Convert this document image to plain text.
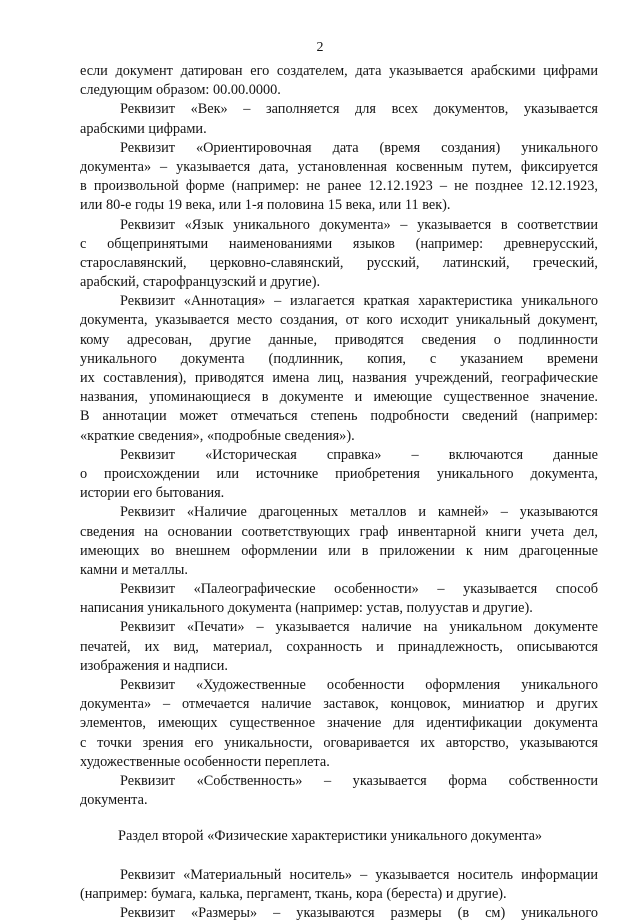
2
если документ датирован его создателем, дата указывается арабскими цифрами
следующим образом: 00.00.0000.
Реквизит «Век» – заполняется для всех документов, указывается
арабскими цифрами.
Реквизит «Ориентировочная дата (время создания) уникального
документа» – указывается дата, установленная косвенным путем, фиксируется
в произвольной форме (например: не ранее 12.12.1923 – не позднее 12.12.1923,
или 80-е годы 19 века, или 1-я половина 15 века, или 11 век).
Реквизит «Язык уникального документа» – указывается в соответствии
с общепринятыми наименованиями языков (например: древнерусский,
старославянский, церковно-славянский, русский, латинский, греческий,
арабский, старофранцузский и другие).
Реквизит «Аннотация» – излагается краткая характеристика уникального
документа, указывается место создания, от кого исходит уникальный документ,
кому адресован, другие данные, приводятся сведения о подлинности
уникального документа (подлинник, копия, с указанием времени
их составления), приводятся имена лиц, названия учреждений, географические
названия, упоминающиеся в документе и имеющие существенное значение.
В аннотации может отмечаться степень подробности сведений (например:
«краткие сведения», «подробные сведения»).
Реквизит «Историческая справка» – включаются данные
о происхождении или источнике приобретения уникального документа,
истории его бытования.
Реквизит «Наличие драгоценных металлов и камней» – указываются
сведения на основании соответствующих граф инвентарной книги учета дел,
имеющих во внешнем оформлении или в приложении к ним драгоценные
камни и металлы.
Реквизит «Палеографические особенности» – указывается способ
написания уникального документа (например: устав, полуустав и другие).
Реквизит «Печати» – указывается наличие на уникальном документе
печатей, их вид, материал, сохранность и принадлежность, описываются
изображения и надписи.
Реквизит «Художественные особенности оформления уникального
документа» – отмечается наличие заставок, концовок, миниатюр и других
элементов, имеющих существенное значение для идентификации документа
с точки зрения его уникальности, оговаривается их авторство, указываются
художественные особенности переплета.
Реквизит «Собственность» – указывается форма собственности
документа.
Раздел второй «Физические характеристики уникального документа»
Реквизит «Материальный носитель» – указывается носитель информации
(например: бумага, калька, пергамент, ткань, кора (береста) и другие).
Реквизит «Размеры» – указываются размеры (в см) уникального
